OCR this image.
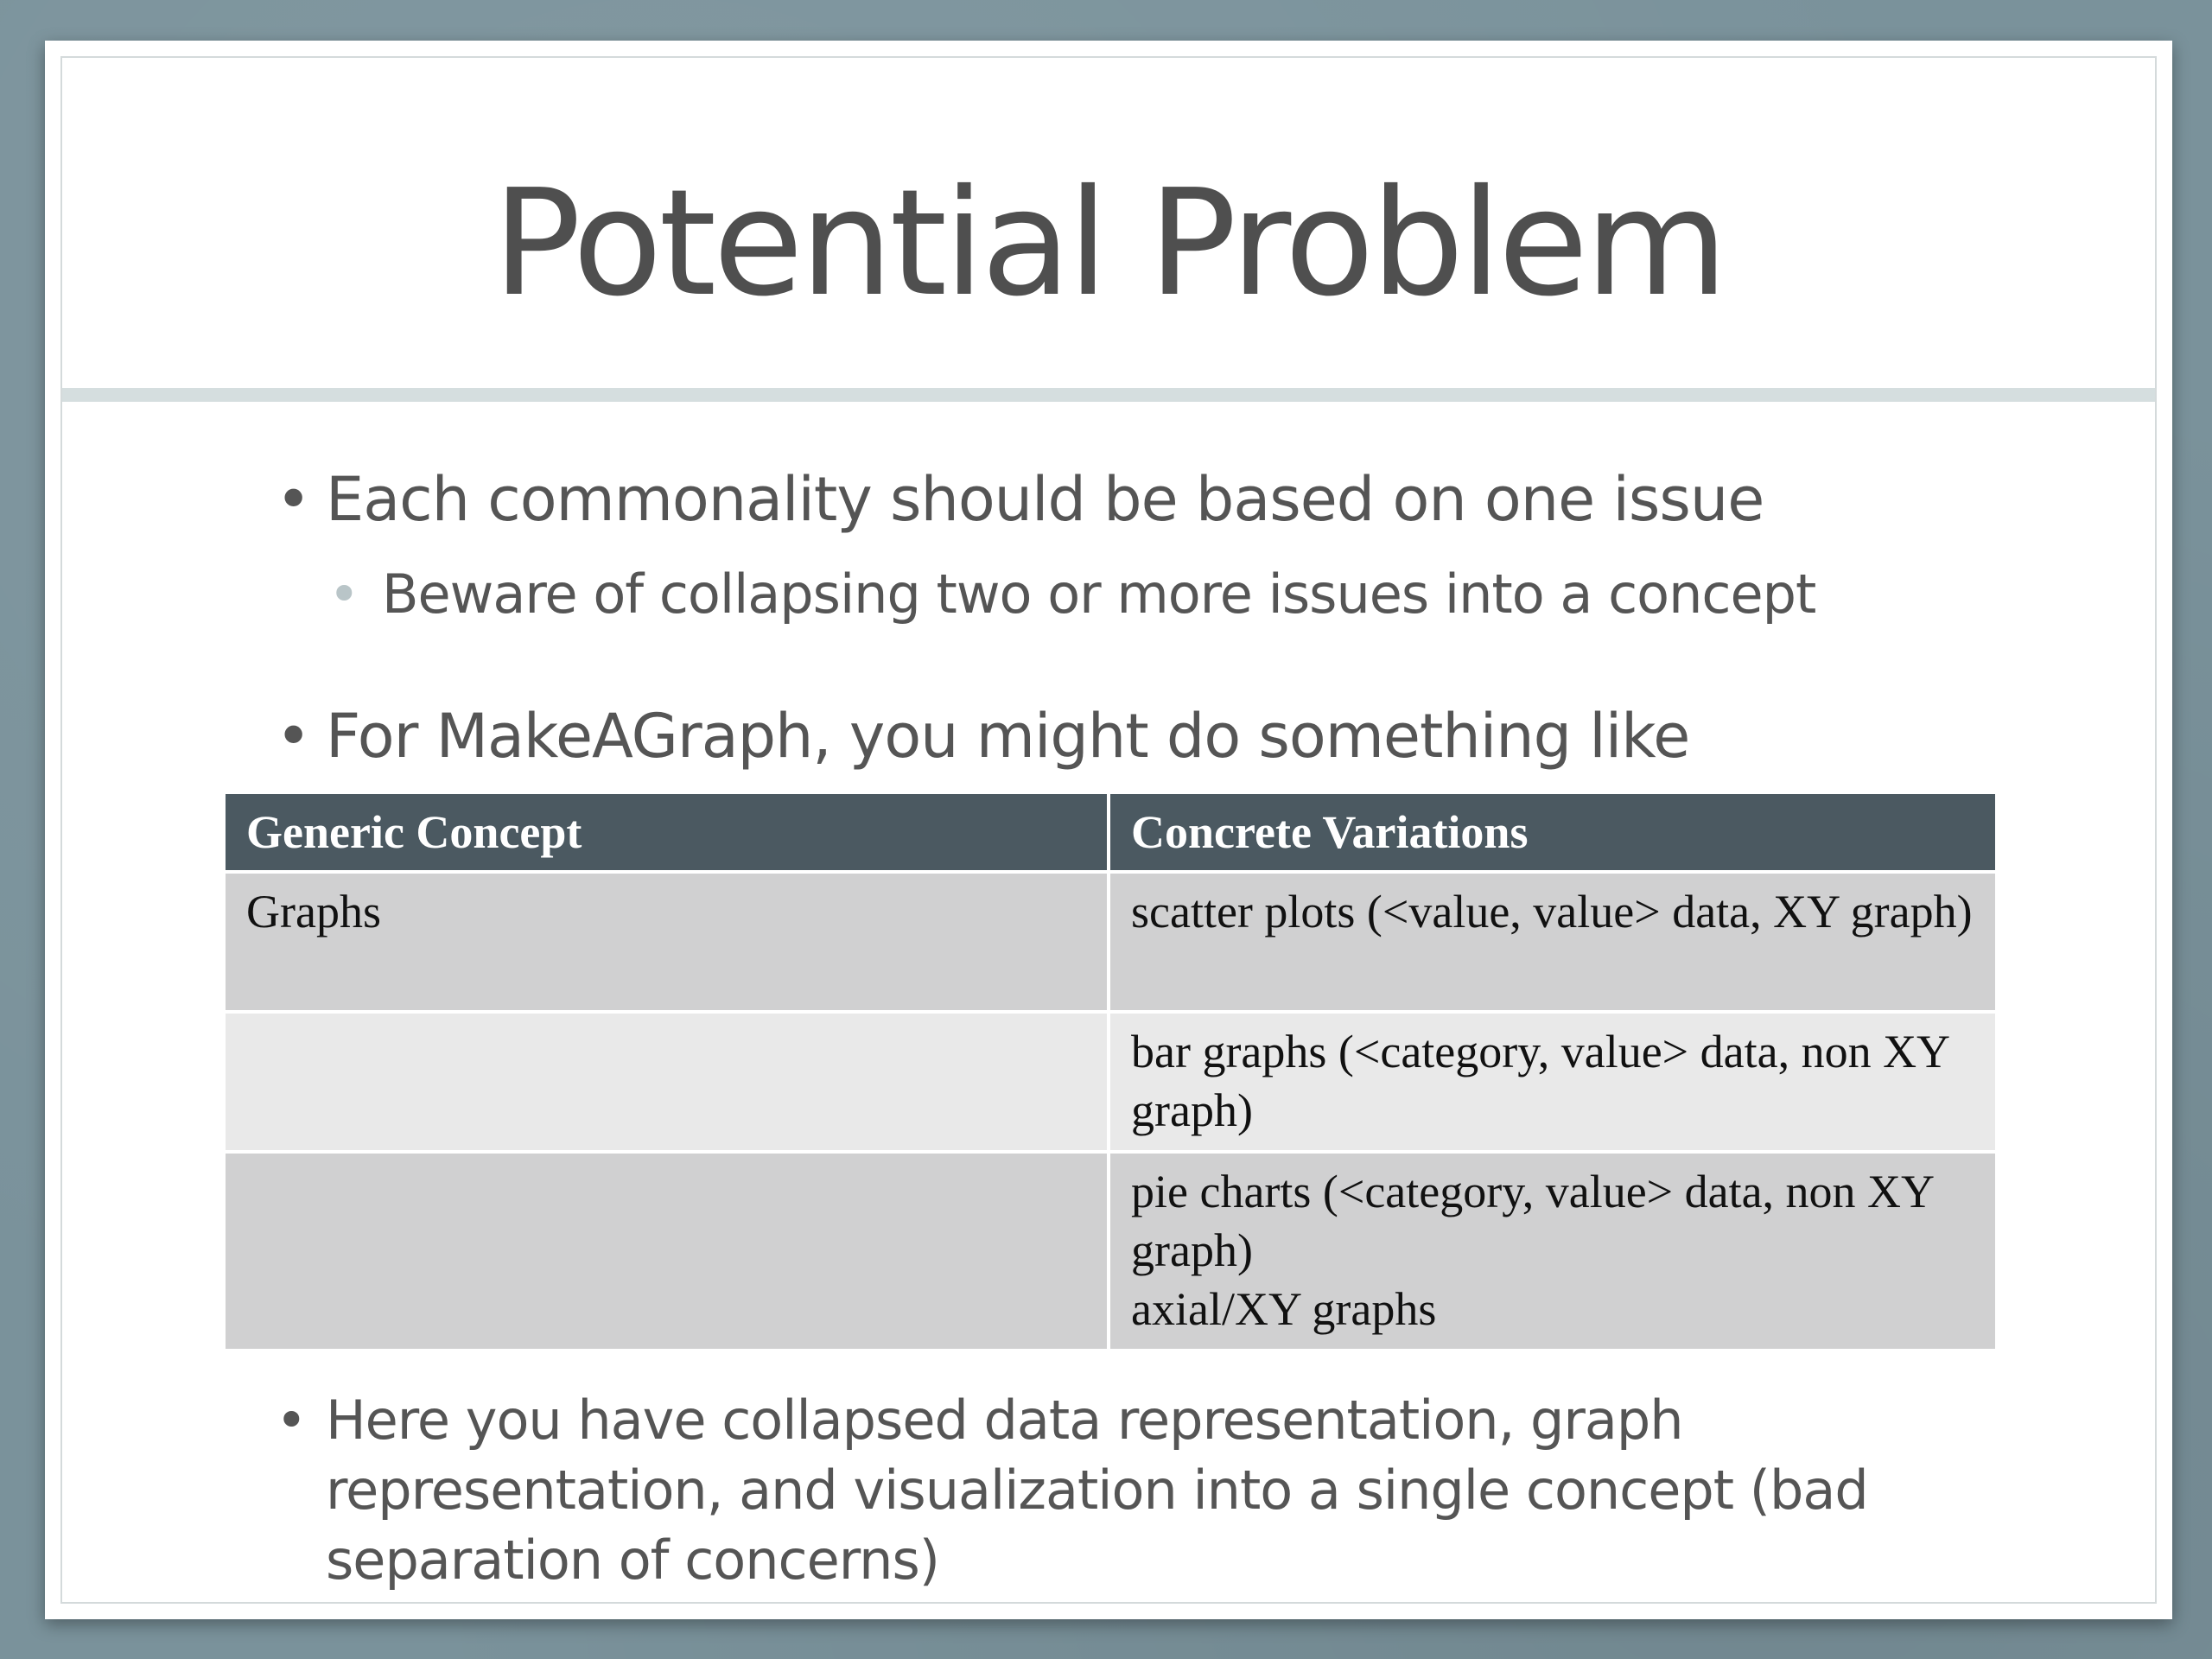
Potential Problem
• Each commonality should be based on one issue
• Beware of collapsing two or more issues into a concept
• For MakeAGraph, you might do something like
Generic Concept	Concrete Variations
Graphs	scatter plots (<value, value> data, XY graph)

	bar graphs (<category, value> data, non XY graph)

	pie charts (<category, value> data, non XY graph)
axial/XY graphs
• Here you have collapsed data representation, graph representation, and visualization into a single concept (bad separation of concerns)
